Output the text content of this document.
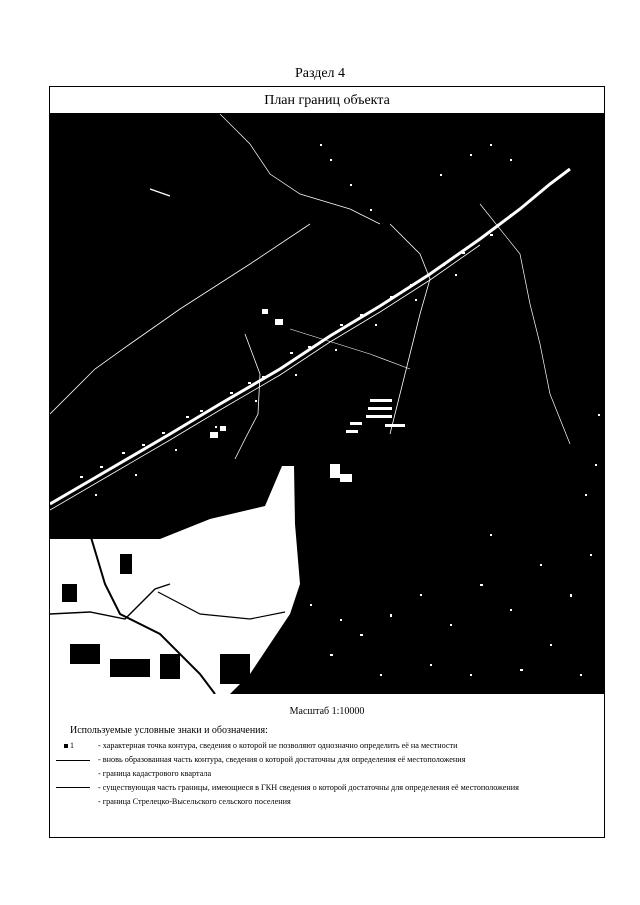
Раздел 4
План границ объекта
Масштаб 1:10000
Используемые условные знаки и обозначения:
1	- характерная точка контура, сведения о которой не позволяют однозначно определить её на местности
- вновь образованная часть контура, сведения о которой достаточны для определения её местоположения
- граница кадастрового квартала
- существующая часть границы, имеющиеся в ГКН сведения о которой достаточны для определения её местоположения
- граница Стрелецко-Высельского сельского поселения
